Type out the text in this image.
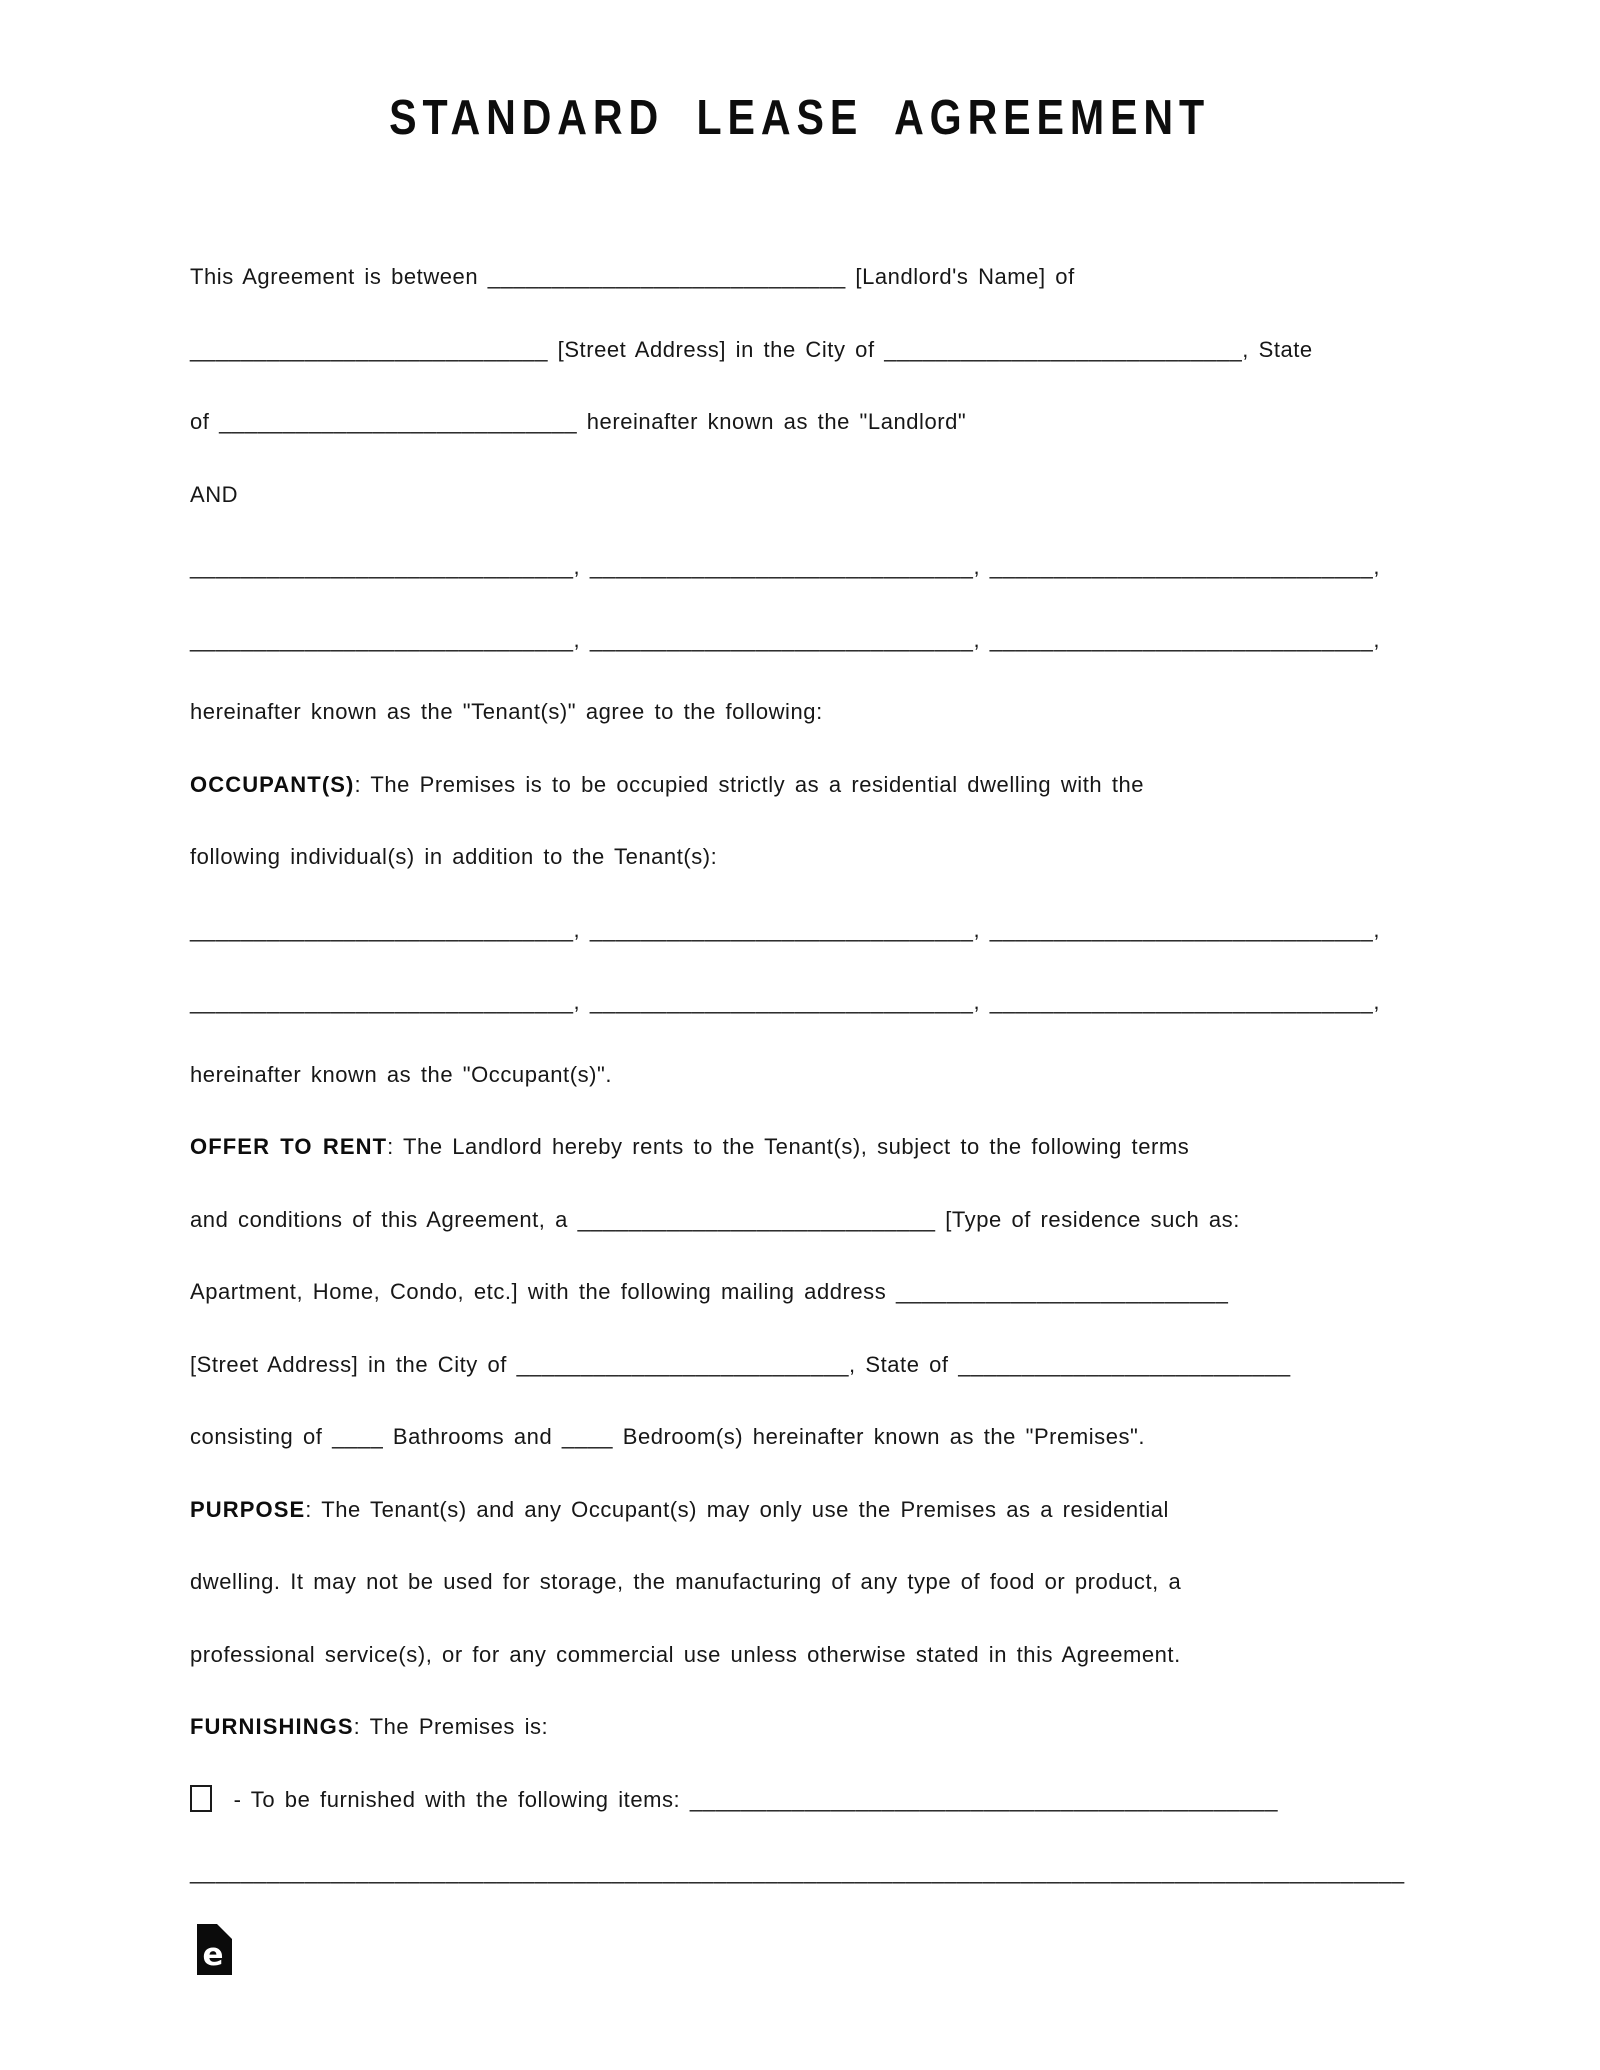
STANDARD LEASE AGREEMENT
This Agreement is between ____________________________ [Landlord's Name] of
____________________________ [Street Address] in the City of ____________________________, State
of ____________________________ hereinafter known as the "Landlord"
AND
______________________________, ______________________________, ______________________________,
______________________________, ______________________________, ______________________________,
hereinafter known as the "Tenant(s)" agree to the following:
OCCUPANT(S): The Premises is to be occupied strictly as a residential dwelling with the
following individual(s) in addition to the Tenant(s):
______________________________, ______________________________, ______________________________,
______________________________, ______________________________, ______________________________,
hereinafter known as the "Occupant(s)".
OFFER TO RENT: The Landlord hereby rents to the Tenant(s), subject to the following terms
and conditions of this Agreement, a ____________________________ [Type of residence such as:
Apartment, Home, Condo, etc.] with the following mailing address __________________________
[Street Address] in the City of __________________________, State of __________________________
consisting of ____ Bathrooms and ____ Bedroom(s) hereinafter known as the "Premises".
PURPOSE: The Tenant(s) and any Occupant(s) may only use the Premises as a residential
dwelling. It may not be used for storage, the manufacturing of any type of food or product, a
professional service(s), or for any commercial use unless otherwise stated in this Agreement.
FURNISHINGS: The Premises is:
- To be furnished with the following items: ______________________________________________
_______________________________________________________________________________________________
e
